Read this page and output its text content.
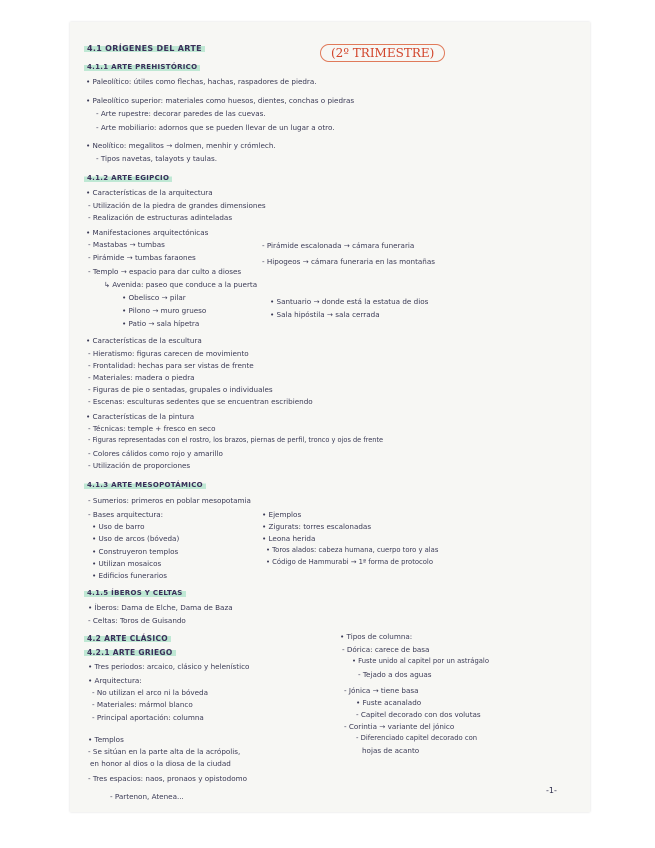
4.1 ORÍGENES DEL ARTE	(2º TRIMESTRE)
4.1.1 ARTE PREHISTÓRICO
• Paleolítico: útiles como flechas, hachas, raspadores de piedra.
• Paleolítico superior: materiales como huesos, dientes, conchas o piedras
- Arte rupestre: decorar paredes de las cuevas.
- Arte mobiliario: adornos que se pueden llevar de un lugar a otro.
• Neolítico: megalitos → dolmen, menhir y crómlech.
- Tipos navetas, talayots y taulas.
4.1.2 ARTE EGIPCIO
• Características de la arquitectura
- Utilización de la piedra de grandes dimensiones
- Realización de estructuras adinteladas
• Manifestaciones arquitectónicas
- Mastabas → tumbas	- Pirámide escalonada → cámara funeraria
- Pirámide → tumbas faraones	- Hipogeos → cámara funeraria en las montañas
- Templo → espacio para dar culto a dioses
↳ Avenida: paseo que conduce a la puerta
• Obelisco → pilar	• Santuario → donde está la estatua de dios
• Pilono → muro grueso	• Sala hipóstila → sala cerrada
• Patio → sala hípetra
• Características de la escultura
- Hieratismo: figuras carecen de movimiento
- Frontalidad: hechas para ser vistas de frente
- Materiales: madera o piedra
- Figuras de pie o sentadas, grupales o individuales
- Escenas: esculturas sedentes que se encuentran escribiendo
• Características de la pintura
- Técnicas: temple + fresco en seco
- Figuras representadas con el rostro, los brazos, piernas de perfil, tronco y ojos de frente
- Colores cálidos como rojo y amarillo
- Utilización de proporciones
4.1.3 ARTE MESOPOTÁMICO
- Sumerios: primeros en poblar mesopotamia
- Bases arquitectura:	• Ejemplos
• Uso de barro	• Zigurats: torres escalonadas
• Uso de arcos (bóveda)	• Leona herida
• Construyeron templos	• Toros alados: cabeza humana, cuerpo toro y alas
• Utilizan mosaicos	• Código de Hammurabi → 1ª forma de protocolo
• Edificios funerarios
4.1.5 ÍBEROS Y CELTAS
• Íberos: Dama de Elche, Dama de Baza
- Celtas: Toros de Guisando
4.2 ARTE CLÁSICO
4.2.1 ARTE GRIEGO
• Tres periodos: arcaico, clásico y helenístico
• Arquitectura:
- No utilizan el arco ni la bóveda
- Materiales: mármol blanco
- Principal aportación: columna
• Templos
- Se sitúan en la parte alta de la acrópolis,
en honor al dios o la diosa de la ciudad
- Tres espacios: naos, pronaos y opistodomo
- Partenon, Atenea...
• Tipos de columna:
- Dórica: carece de basa
• Fuste unido al capitel por un astrágalo
- Tejado a dos aguas
- Jónica → tiene basa
• Fuste acanalado
- Capitel decorado con dos volutas
- Corintia → variante del jónico
- Diferenciado capitel decorado con
hojas de acanto
-1-
